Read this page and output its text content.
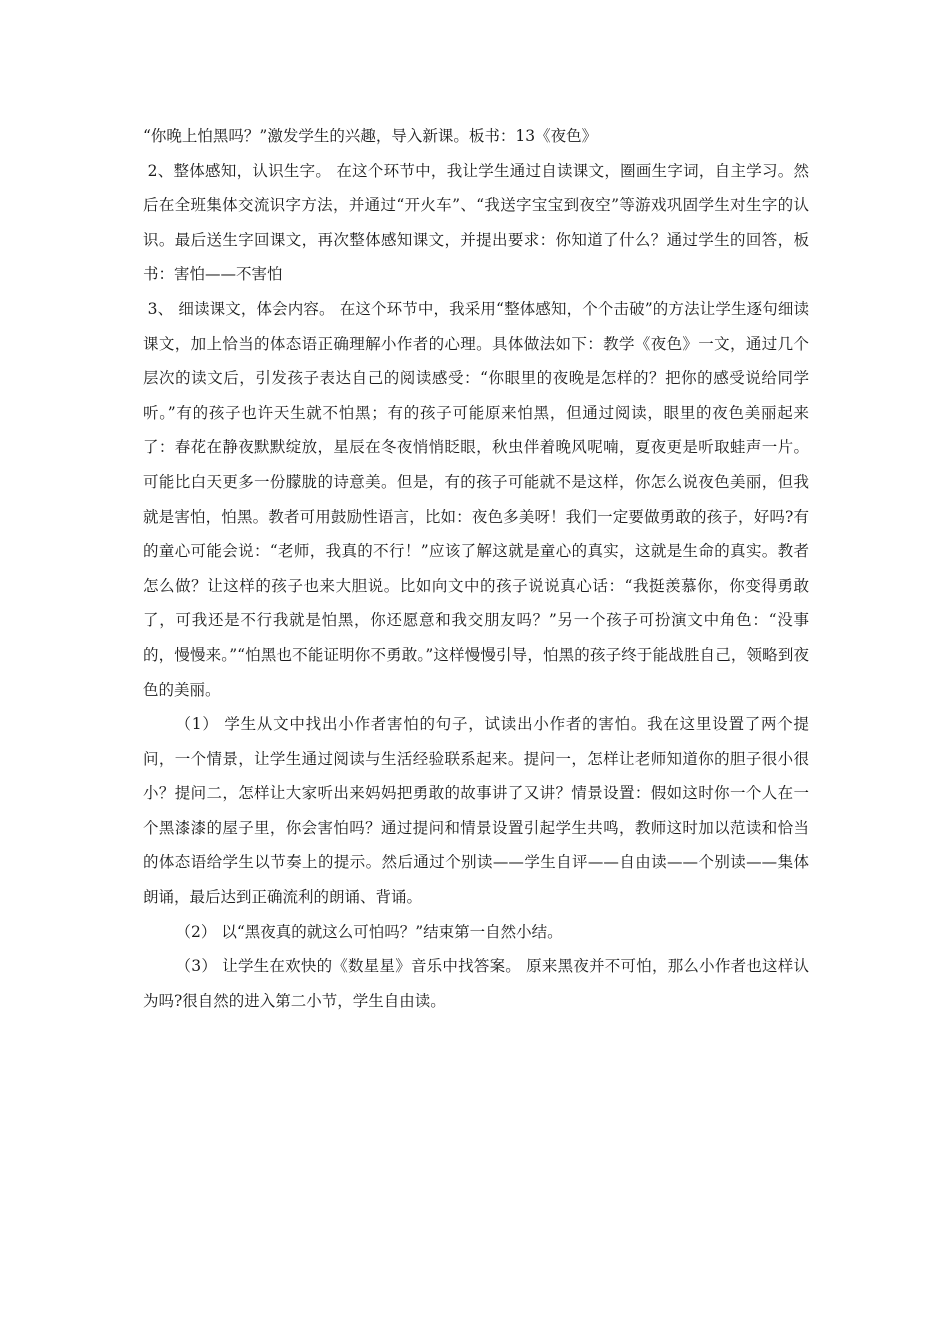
“你晚上怕黑吗？”激发学生的兴趣，导入新课。板书：13《夜色》

2、整体感知，认识生字。 在这个环节中，我让学生通过自读课文，圈画生字词，自主学习。然后在全班集体交流识字方法，并通过“开火车”、“我送字宝宝到夜空”等游戏巩固学生对生字的认识。最后送生字回课文，再次整体感知课文，并提出要求：你知道了什么？通过学生的回答，板书：害怕——不害怕

3、 细读课文，体会内容。 在这个环节中，我采用“整体感知，个个击破”的方法让学生逐句细读课文，加上恰当的体态语正确理解小作者的心理。具体做法如下：教学《夜色》一文，通过几个层次的读文后，引发孩子表达自己的阅读感受：“你眼里的夜晚是怎样的？把你的感受说给同学听。”有的孩子也许天生就不怕黑；有的孩子可能原来怕黑，但通过阅读，眼里的夜色美丽起来了：春花在静夜默默绽放，星辰在冬夜悄悄眨眼，秋虫伴着晚风呢喃，夏夜更是听取蛙声一片。可能比白天更多一份朦胧的诗意美。但是，有的孩子可能就不是这样，你怎么说夜色美丽，但我就是害怕，怕黑。教者可用鼓励性语言，比如：夜色多美呀！我们一定要做勇敢的孩子，好吗?有的童心可能会说：“老师，我真的不行！”应该了解这就是童心的真实，这就是生命的真实。教者怎么做？让这样的孩子也来大胆说。比如向文中的孩子说说真心话：“我挺羡慕你，你变得勇敢了，可我还是不行我就是怕黑，你还愿意和我交朋友吗？”另一个孩子可扮演文中角色：“没事的，慢慢来。”“怕黑也不能证明你不勇敢。”这样慢慢引导，怕黑的孩子终于能战胜自己，领略到夜色的美丽。

（1） 学生从文中找出小作者害怕的句子，试读出小作者的害怕。我在这里设置了两个提问，一个情景，让学生通过阅读与生活经验联系起来。提问一，怎样让老师知道你的胆子很小很小？提问二，怎样让大家听出来妈妈把勇敢的故事讲了又讲？情景设置：假如这时你一个人在一个黑漆漆的屋子里，你会害怕吗？通过提问和情景设置引起学生共鸣，教师这时加以范读和恰当的体态语给学生以节奏上的提示。然后通过个别读——学生自评——自由读——个别读——集体朗诵，最后达到正确流利的朗诵、背诵。

（2） 以“黑夜真的就这么可怕吗？”结束第一自然小结。

（3） 让学生在欢快的《数星星》音乐中找答案。 原来黑夜并不可怕，那么小作者也这样认为吗?很自然的进入第二小节，学生自由读。
